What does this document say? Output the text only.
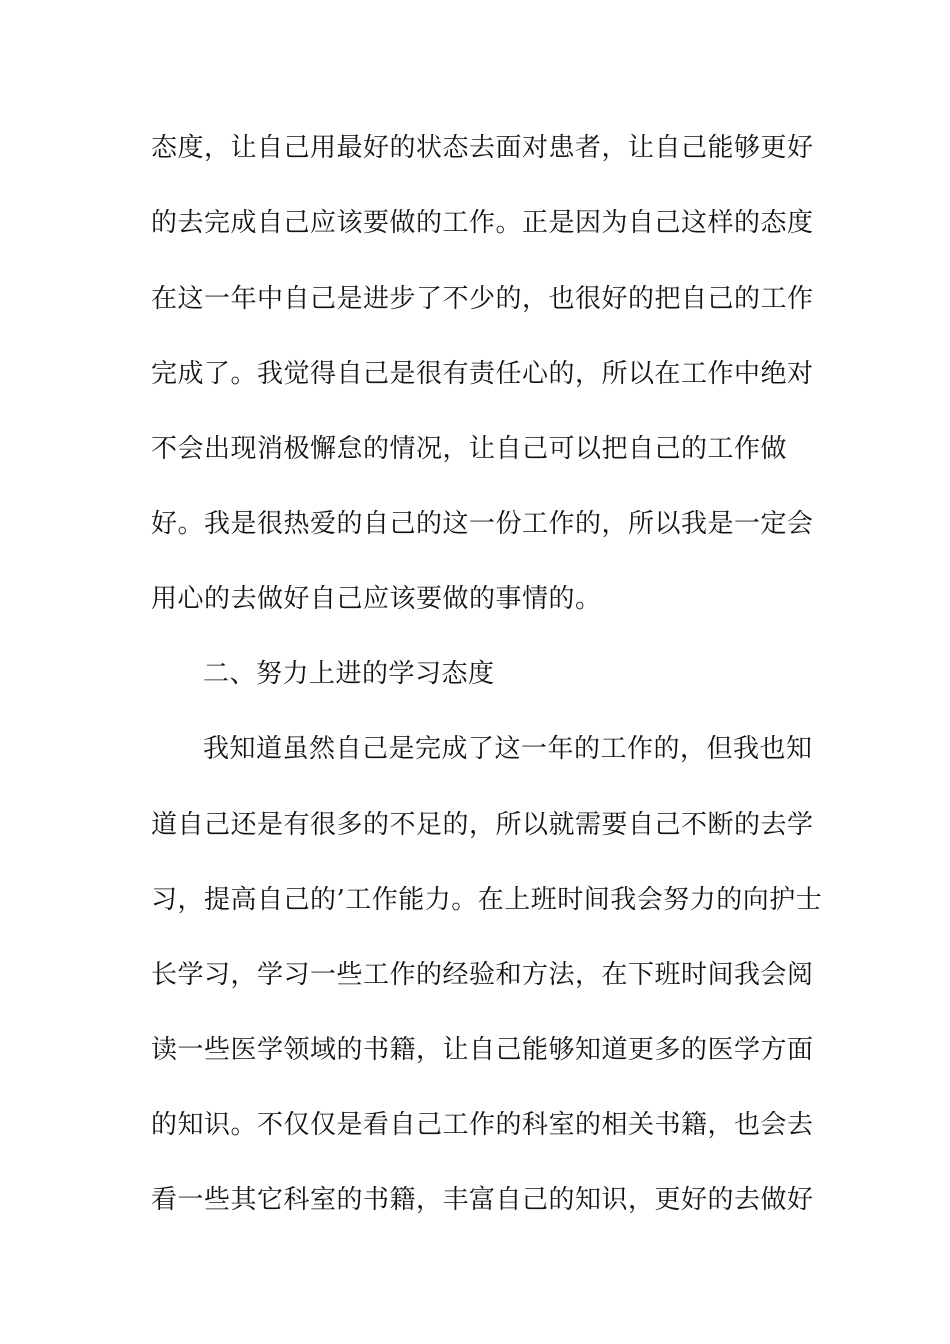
态度，让自己用最好的状态去面对患者，让自己能够更好
的去完成自己应该要做的工作。正是因为自己这样的态度
在这一年中自己是进步了不少的，也很好的把自己的工作
完成了。我觉得自己是很有责任心的，所以在工作中绝对
不会出现消极懈怠的情况，让自己可以把自己的工作做
好。我是很热爱的自己的这一份工作的，所以我是一定会
用心的去做好自己应该要做的事情的。
二、努力上进的学习态度
我知道虽然自己是完成了这一年的工作的，但我也知
道自己还是有很多的不足的，所以就需要自己不断的去学
习，提高自己的’工作能力。在上班时间我会努力的向护士
长学习，学习一些工作的经验和方法，在下班时间我会阅
读一些医学领域的书籍，让自己能够知道更多的医学方面
的知识。不仅仅是看自己工作的科室的相关书籍，也会去
看一些其它科室的书籍，丰富自己的知识，更好的去做好
